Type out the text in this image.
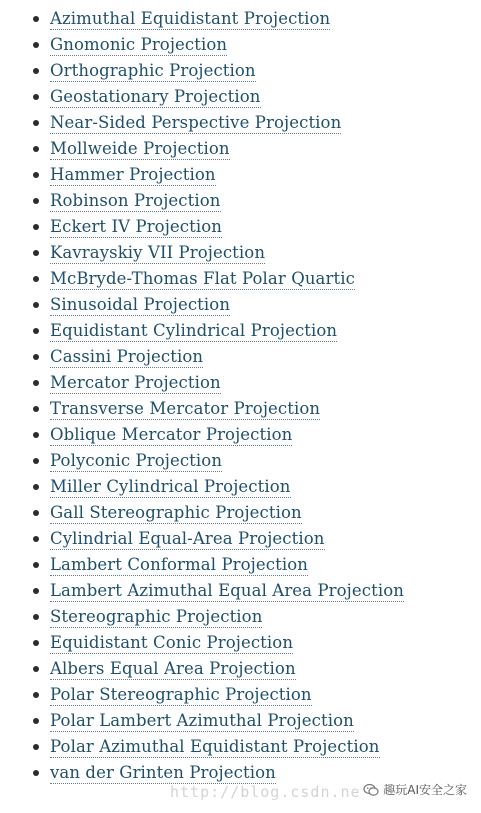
Azimuthal Equidistant Projection
Gnomonic Projection
Orthographic Projection
Geostationary Projection
Near-Sided Perspective Projection
Mollweide Projection
Hammer Projection
Robinson Projection
Eckert IV Projection
Kavrayskiy VII Projection
McBryde-Thomas Flat Polar Quartic
Sinusoidal Projection
Equidistant Cylindrical Projection
Cassini Projection
Mercator Projection
Transverse Mercator Projection
Oblique Mercator Projection
Polyconic Projection
Miller Cylindrical Projection
Gall Stereographic Projection
Cylindrial Equal-Area Projection
Lambert Conformal Projection
Lambert Azimuthal Equal Area Projection
Stereographic Projection
Equidistant Conic Projection
Albers Equal Area Projection
Polar Stereographic Projection
Polar Lambert Azimuthal Projection
Polar Azimuthal Equidistant Projection
van der Grinten Projection
http://blog.csdn.ne 趣玩AI安全之家
